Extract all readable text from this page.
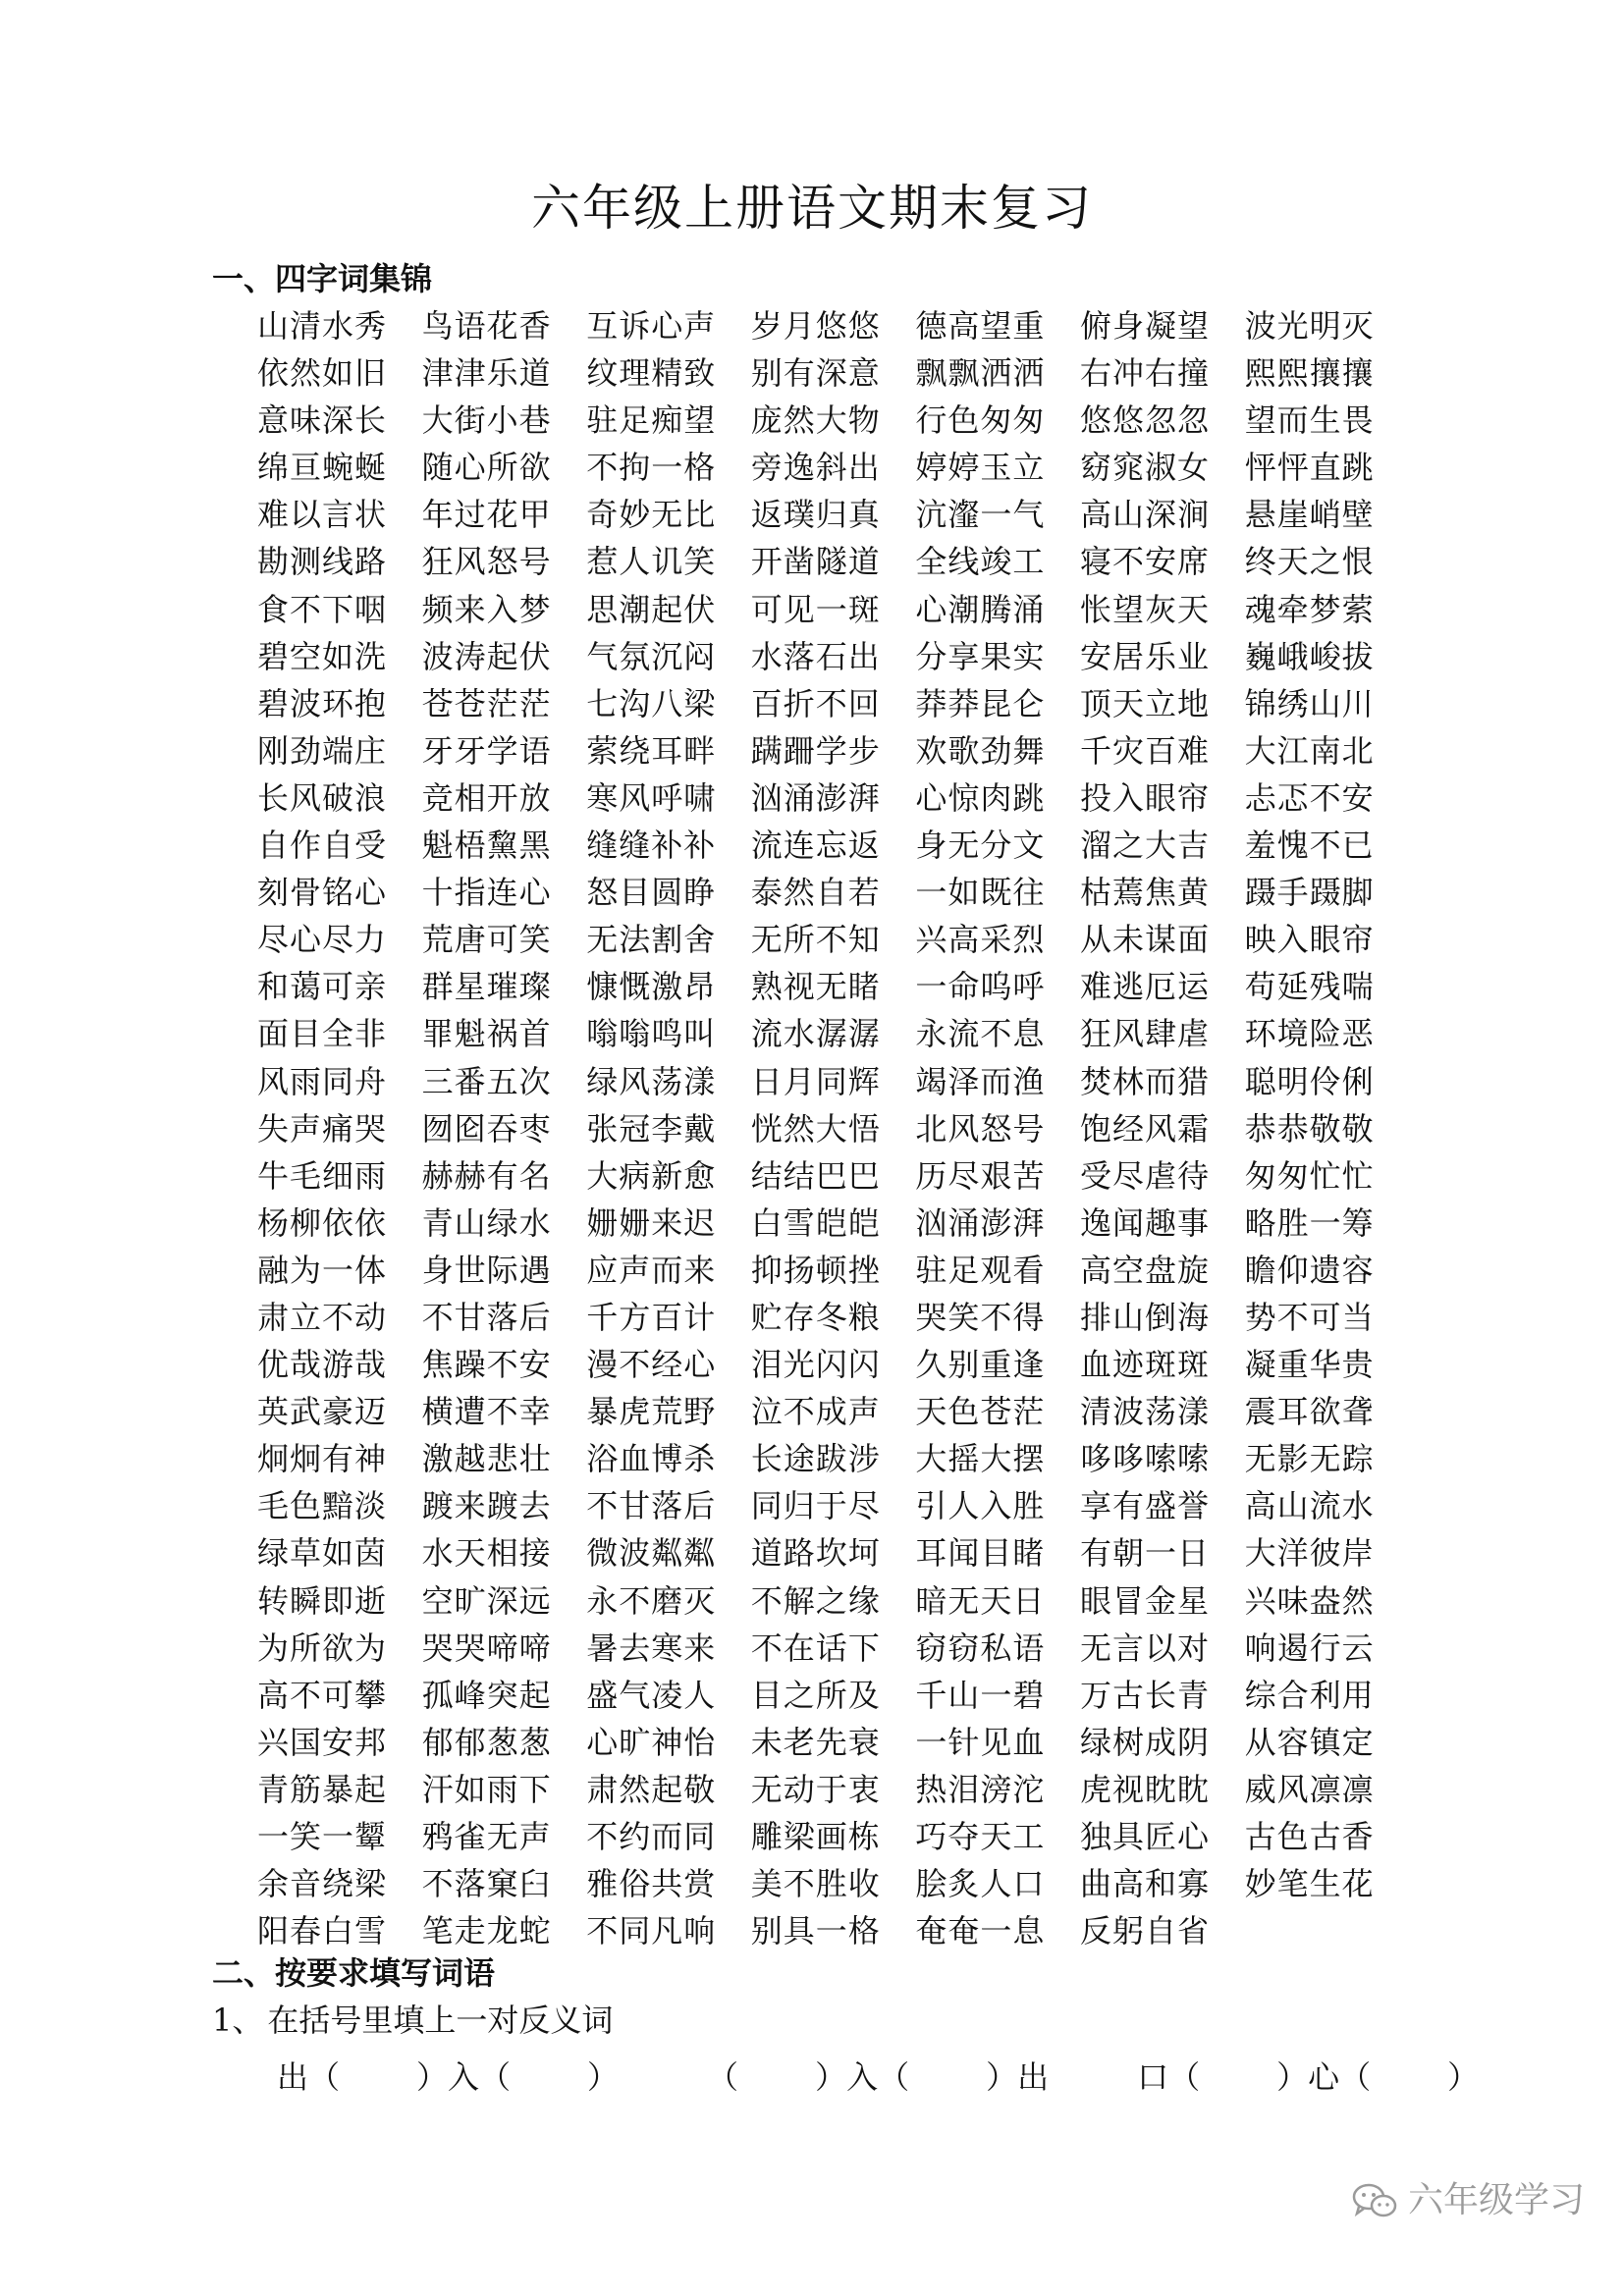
六年级上册语文期末复习
一、四字词集锦
山清水秀	鸟语花香	互诉心声	岁月悠悠	德高望重	俯身凝望	波光明灭
依然如旧	津津乐道	纹理精致	别有深意	飘飘洒洒	右冲右撞	熙熙攘攘
意味深长	大街小巷	驻足痴望	庞然大物	行色匆匆	悠悠忽忽	望而生畏
绵亘蜿蜒	随心所欲	不拘一格	旁逸斜出	婷婷玉立	窈窕淑女	怦怦直跳
难以言状	年过花甲	奇妙无比	返璞归真	沆瀣一气	高山深涧	悬崖峭壁
勘测线路	狂风怒号	惹人讥笑	开凿隧道	全线竣工	寝不安席	终天之恨
食不下咽	频来入梦	思潮起伏	可见一斑	心潮腾涌	怅望灰天	魂牵梦萦
碧空如洗	波涛起伏	气氛沉闷	水落石出	分享果实	安居乐业	巍峨峻拔
碧波环抱	苍苍茫茫	七沟八梁	百折不回	莽莽昆仑	顶天立地	锦绣山川
刚劲端庄	牙牙学语	萦绕耳畔	蹒跚学步	欢歌劲舞	千灾百难	大江南北
长风破浪	竞相开放	寒风呼啸	汹涌澎湃	心惊肉跳	投入眼帘	忐忑不安
自作自受	魁梧黧黑	缝缝补补	流连忘返	身无分文	溜之大吉	羞愧不已
刻骨铭心	十指连心	怒目圆睁	泰然自若	一如既往	枯蔫焦黄	蹑手蹑脚
尽心尽力	荒唐可笑	无法割舍	无所不知	兴高采烈	从未谋面	映入眼帘
和蔼可亲	群星璀璨	慷慨激昂	熟视无睹	一命呜呼	难逃厄运	苟延残喘
面目全非	罪魁祸首	嗡嗡鸣叫	流水潺潺	永流不息	狂风肆虐	环境险恶
风雨同舟	三番五次	绿风荡漾	日月同辉	竭泽而渔	焚林而猎	聪明伶俐
失声痛哭	囫囵吞枣	张冠李戴	恍然大悟	北风怒号	饱经风霜	恭恭敬敬
牛毛细雨	赫赫有名	大病新愈	结结巴巴	历尽艰苦	受尽虐待	匆匆忙忙
杨柳依依	青山绿水	姗姗来迟	白雪皑皑	汹涌澎湃	逸闻趣事	略胜一筹
融为一体	身世际遇	应声而来	抑扬顿挫	驻足观看	高空盘旋	瞻仰遗容
肃立不动	不甘落后	千方百计	贮存冬粮	哭笑不得	排山倒海	势不可当
优哉游哉	焦躁不安	漫不经心	泪光闪闪	久别重逢	血迹斑斑	凝重华贵
英武豪迈	横遭不幸	暴虎荒野	泣不成声	天色苍茫	清波荡漾	震耳欲聋
炯炯有神	激越悲壮	浴血博杀	长途跋涉	大摇大摆	哆哆嗦嗦	无影无踪
毛色黯淡	踱来踱去	不甘落后	同归于尽	引人入胜	享有盛誉	高山流水
绿草如茵	水天相接	微波粼粼	道路坎坷	耳闻目睹	有朝一日	大洋彼岸
转瞬即逝	空旷深远	永不磨灭	不解之缘	暗无天日	眼冒金星	兴味盎然
为所欲为	哭哭啼啼	暑去寒来	不在话下	窃窃私语	无言以对	响遏行云
高不可攀	孤峰突起	盛气凌人	目之所及	千山一碧	万古长青	综合利用
兴国安邦	郁郁葱葱	心旷神怡	未老先衰	一针见血	绿树成阴	从容镇定
青筋暴起	汗如雨下	肃然起敬	无动于衷	热泪滂沱	虎视眈眈	威风凛凛
一笑一颦	鸦雀无声	不约而同	雕梁画栋	巧夺天工	独具匠心	古色古香
余音绕梁	不落窠臼	雅俗共赏	美不胜收	脍炙人口	曲高和寡	妙笔生花
阳春白雪	笔走龙蛇	不同凡响	别具一格	奄奄一息	反躬自省
二、按要求填写词语
1、 在括号里填上一对反义词
出（ ）入（ ）	（ ）入（ ）出	口（ ）心（ ）
六年级学习
